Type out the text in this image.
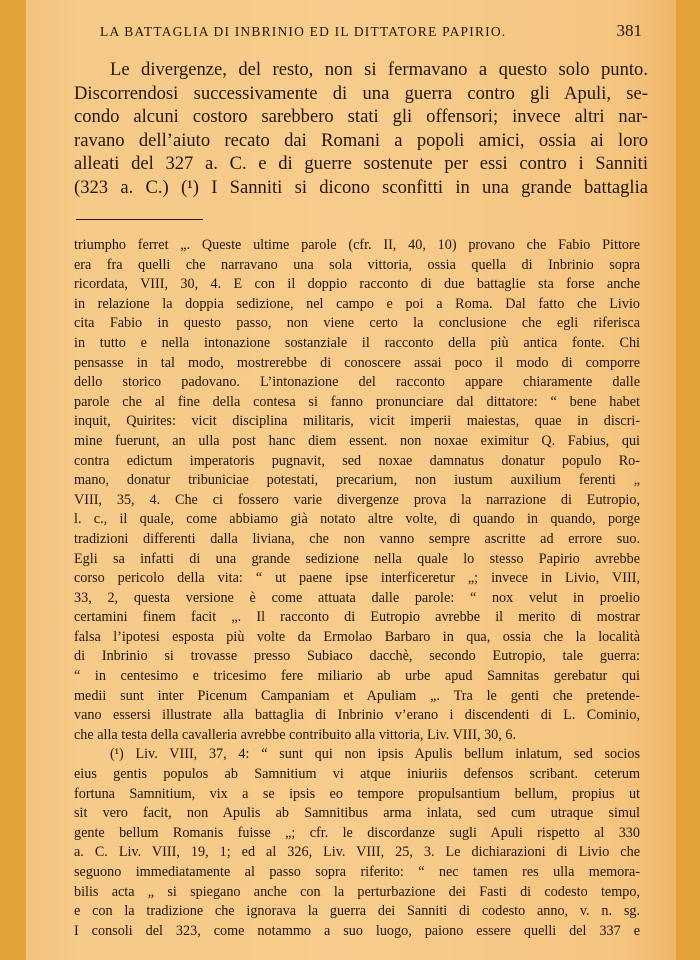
LA BATTAGLIA DI INBRINIO ED IL DITTATORE PAPIRIO.	381
Le divergenze, del resto, non si fermavano a questo solo punto.
Discorrendosi successivamente di una guerra contro gli Apuli, se-
condo alcuni costoro sarebbero stati gli offensori; invece altri nar-
ravano dell’aiuto recato dai Romani a popoli amici, ossia ai loro
alleati del 327 a. C. e di guerre sostenute per essi contro i Sanniti
(323 a. C.) (¹) I Sanniti si dicono sconfitti in una grande battaglia
triumpho ferret „. Queste ultime parole (cfr. II, 40, 10) provano che Fabio Pittore
era fra quelli che narravano una sola vittoria, ossia quella di Inbrinio sopra
ricordata, VIII, 30, 4. E con il doppio racconto di due battaglie sta forse anche
in relazione la doppia sedizione, nel campo e poi a Roma. Dal fatto che Livio
cita Fabio in questo passo, non viene certo la conclusione che egli riferisca
in tutto e nella intonazione sostanziale il racconto della più antica fonte. Chi
pensasse in tal modo, mostrerebbe di conoscere assai poco il modo di comporre
dello storico padovano. L’intonazione del racconto appare chiaramente dalle
parole che al fine della contesa si fanno pronunciare dal dittatore: “ bene habet
inquit, Quirites: vicit disciplina militaris, vicit imperii maiestas, quae in discri-
mine fuerunt, an ulla post hanc diem essent. non noxae eximitur Q. Fabius, qui
contra edictum imperatoris pugnavit, sed noxae damnatus donatur populo Ro-
mano, donatur tribuniciae potestati, precarium, non iustum auxilium ferenti „
VIII, 35, 4. Che ci fossero varie divergenze prova la narrazione di Eutropio,
l. c., il quale, come abbiamo già notato altre volte, di quando in quando, porge
tradizioni differenti dalla liviana, che non vanno sempre ascritte ad errore suo.
Egli sa infatti di una grande sedizione nella quale lo stesso Papirio avrebbe
corso pericolo della vita: “ ut paene ipse interficeretur „; invece in Livio, VIII,
33, 2, questa versione è come attuata dalle parole: “ nox velut in proelio
certamini finem facit „. Il racconto di Eutropio avrebbe il merito di mostrar
falsa l’ipotesi esposta più volte da Ermolao Barbaro in qua, ossia che la località
di Inbrinio si trovasse presso Subiaco dacchè, secondo Eutropio, tale guerra:
“ in centesimo e tricesimo fere miliario ab urbe apud Samnitas gerebatur qui
medii sunt inter Picenum Campaniam et Apuliam „. Tra le genti che pretende-
vano essersi illustrate alla battaglia di Inbrinio v’erano i discendenti di L. Cominio,
che alla testa della cavalleria avrebbe contribuito alla vittoria, Liv. VIII, 30, 6.
(¹) Liv. VIII, 37, 4: “ sunt qui non ipsis Apulis bellum inlatum, sed socios
eius gentis populos ab Samnitium vi atque iniuriis defensos scribant. ceterum
fortuna Samnitium, vix a se ipsis eo tempore propulsantium bellum, propius ut
sit vero facit, non Apulis ab Samnitibus arma inlata, sed cum utraque simul
gente bellum Romanis fuisse „; cfr. le discordanze sugli Apuli rispetto al 330
a. C. Liv. VIII, 19, 1; ed al 326, Liv. VIII, 25, 3. Le dichiarazioni di Livio che
seguono immediatamente al passo sopra riferito: “ nec tamen res ulla memora-
bilis acta „ si spiegano anche con la perturbazione dei Fasti di codesto tempo,
e con la tradizione che ignorava la guerra dei Sanniti di codesto anno, v. n. sg.
I consoli del 323, come notammo a suo luogo, paiono essere quelli del 337 e
